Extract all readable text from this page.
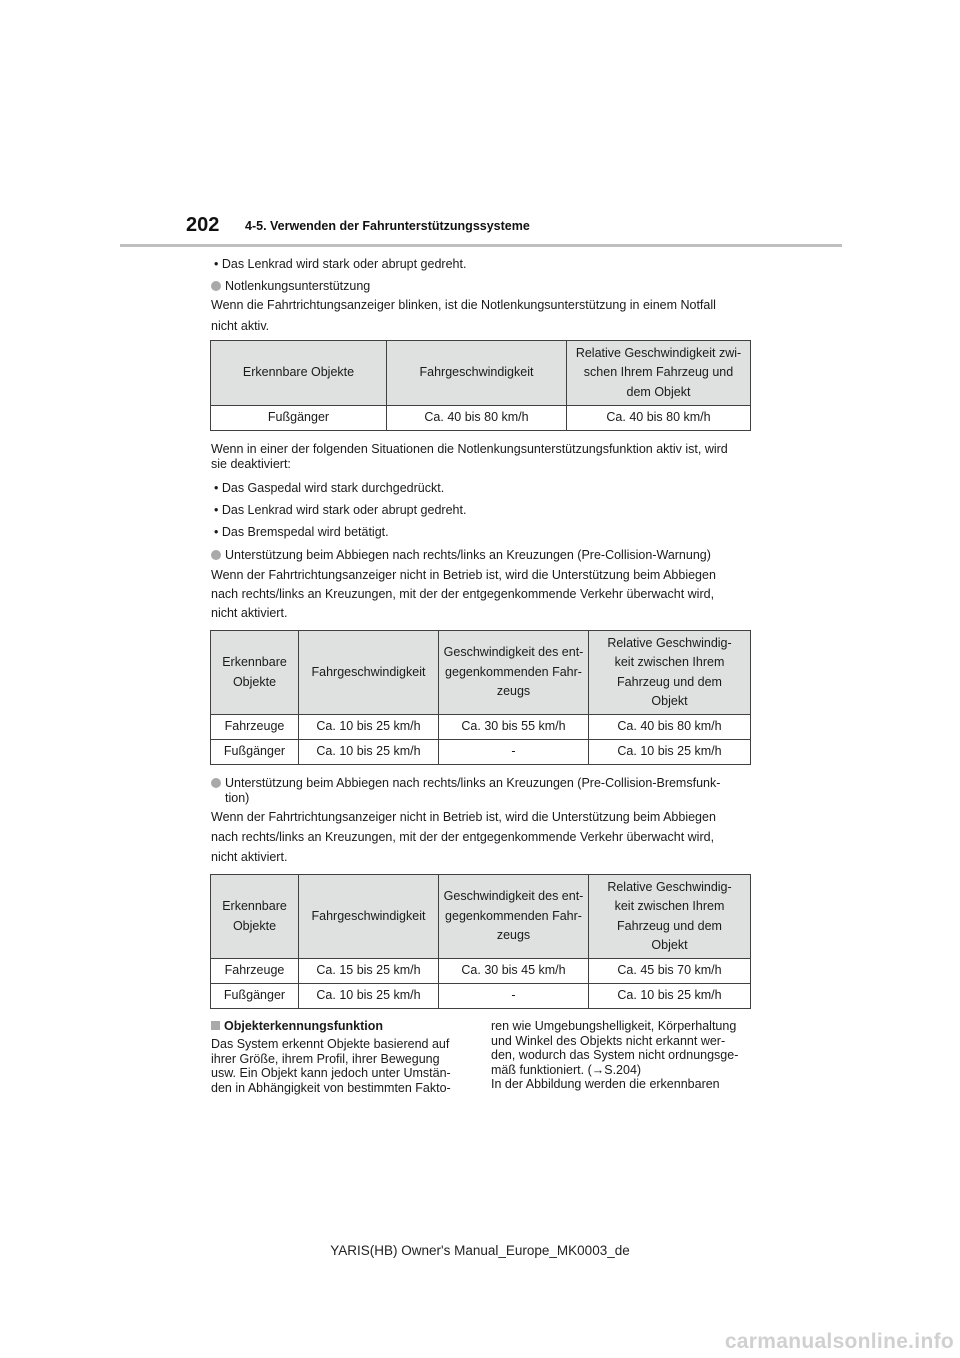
202 4-5. Verwenden der Fahrunterstützungssysteme
• Das Lenkrad wird stark oder abrupt gedreht.
Notlenkungsunterstützung
Wenn die Fahrtrichtungsanzeiger blinken, ist die Notlenkungsunterstützung in einem Notfall
nicht aktiv.
Erkennbare Objekte	Fahrgeschwindigkeit	Relative Geschwindigkeit zwi-
schen Ihrem Fahrzeug und
dem Objekt
Fußgänger	Ca. 40 bis 80 km/h	Ca. 40 bis 80 km/h
Wenn in einer der folgenden Situationen die Notlenkungsunterstützungsfunktion aktiv ist, wird
sie deaktiviert:
• Das Gaspedal wird stark durchgedrückt.
• Das Lenkrad wird stark oder abrupt gedreht.
• Das Bremspedal wird betätigt.
Unterstützung beim Abbiegen nach rechts/links an Kreuzungen (Pre-Collision-Warnung)
Wenn der Fahrtrichtungsanzeiger nicht in Betrieb ist, wird die Unterstützung beim Abbiegen
nach rechts/links an Kreuzungen, mit der der entgegenkommende Verkehr überwacht wird,
nicht aktiviert.
Erkennbare
Objekte	Fahrgeschwindigkeit	Geschwindigkeit des ent-
gegenkommenden Fahr-
zeugs	Relative Geschwindig-
keit zwischen Ihrem
Fahrzeug und dem
Objekt
Fahrzeuge	Ca. 10 bis 25 km/h	Ca. 30 bis 55 km/h	Ca. 40 bis 80 km/h
Fußgänger	Ca. 10 bis 25 km/h	-	Ca. 10 bis 25 km/h
Unterstützung beim Abbiegen nach rechts/links an Kreuzungen (Pre-Collision-Bremsfunk-
tion)
Wenn der Fahrtrichtungsanzeiger nicht in Betrieb ist, wird die Unterstützung beim Abbiegen
nach rechts/links an Kreuzungen, mit der der entgegenkommende Verkehr überwacht wird,
nicht aktiviert.
Erkennbare
Objekte	Fahrgeschwindigkeit	Geschwindigkeit des ent-
gegenkommenden Fahr-
zeugs	Relative Geschwindig-
keit zwischen Ihrem
Fahrzeug und dem
Objekt
Fahrzeuge	Ca. 15 bis 25 km/h	Ca. 30 bis 45 km/h	Ca. 45 bis 70 km/h
Fußgänger	Ca. 10 bis 25 km/h	-	Ca. 10 bis 25 km/h
Objekterkennungsfunktion
Das System erkennt Objekte basierend auf
ihrer Größe, ihrem Profil, ihrer Bewegung
usw. Ein Objekt kann jedoch unter Umstän-
den in Abhängigkeit von bestimmten Fakto-
ren wie Umgebungshelligkeit, Körperhaltung
und Winkel des Objekts nicht erkannt wer-
den, wodurch das System nicht ordnungsge-
mäß funktioniert. (→S.204)
In der Abbildung werden die erkennbaren
YARIS(HB) Owner's Manual_Europe_MK0003_de
carmanualsonline.info
